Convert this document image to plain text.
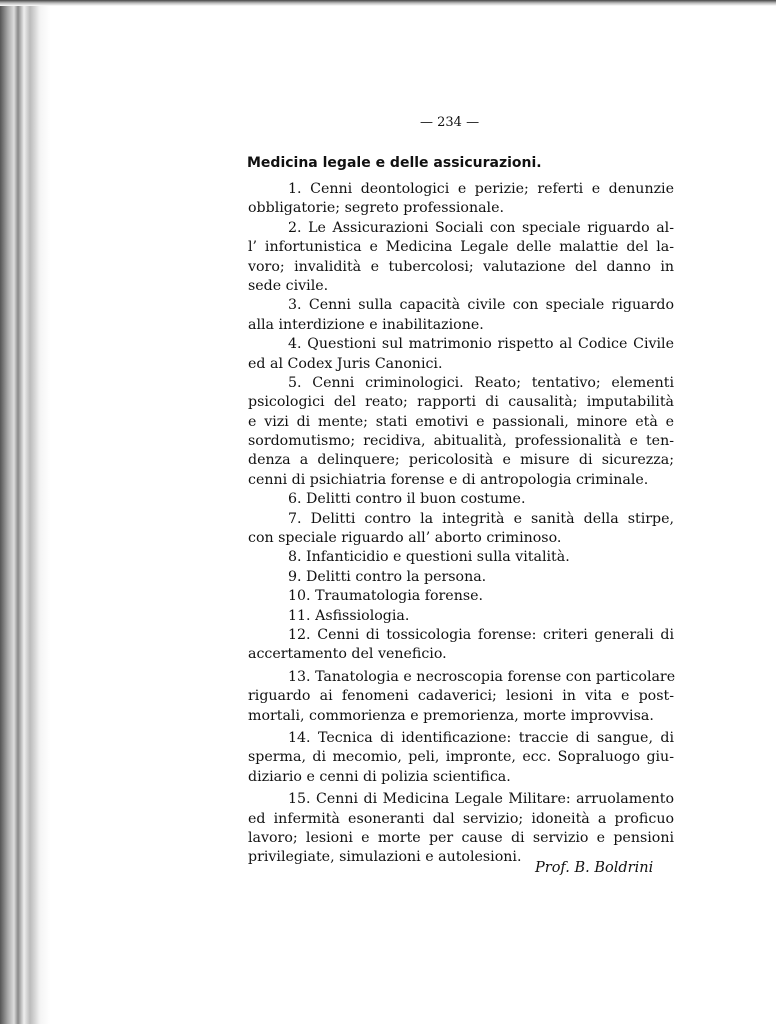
— 234 —
Medicina legale e delle assicurazioni.
1. Cenni deontologici e perizie; referti e denunzie
obbligatorie; segreto professionale.
2. Le Assicurazioni Sociali con speciale riguardo al-
l’ infortunistica e Medicina Legale delle malattie del la-
voro; invalidità e tubercolosi; valutazione del danno in
sede civile.
3. Cenni sulla capacità civile con speciale riguardo
alla interdizione e inabilitazione.
4. Questioni sul matrimonio rispetto al Codice Civile
ed al Codex Juris Canonici.
5. Cenni criminologici. Reato; tentativo; elementi
psicologici del reato; rapporti di causalità; imputabilità
e vizi di mente; stati emotivi e passionali, minore età e
sordomutismo; recidiva, abitualità, professionalità e ten-
denza a delinquere; pericolosità e misure di sicurezza;
cenni di psichiatria forense e di antropologia criminale.
6. Delitti contro il buon costume.
7. Delitti contro la integrità e sanità della stirpe,
con speciale riguardo all’ aborto criminoso.
8. Infanticidio e questioni sulla vitalità.
9. Delitti contro la persona.
10. Traumatologia forense.
11. Asfissiologia.
12. Cenni di tossicologia forense: criteri generali di
accertamento del veneficio.
13. Tanatologia e necroscopia forense con particolare
riguardo ai fenomeni cadaverici; lesioni in vita e post-
mortali, commorienza e premorienza, morte improvvisa.
14. Tecnica di identificazione: traccie di sangue, di
sperma, di mecomio, peli, impronte, ecc. Sopraluogo giu-
diziario e cenni di polizia scientifica.
15. Cenni di Medicina Legale Militare: arruolamento
ed infermità esoneranti dal servizio; idoneità a proficuo
lavoro; lesioni e morte per cause di servizio e pensioni
privilegiate, simulazioni e autolesioni.
Prof. B. Boldrini
